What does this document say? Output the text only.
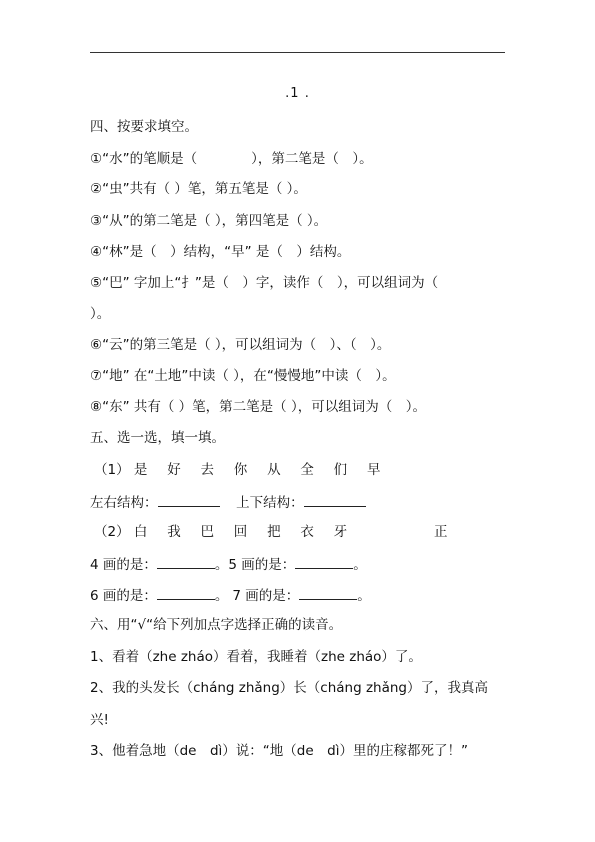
.1 .
四、按要求填空。
①“水”的笔顺是（　　　　），第二笔是（　）。
②“虫”共有（ ）笔，第五笔是（ ）。
③“从”的第二笔是（ ），第四笔是（ ）。
④“林”是（　）结构，“早” 是（　）结构。
⑤“巴” 字加上“扌”是（　）字，读作（　），可以组词为（
）。
⑥“云”的第三笔是（ ），可以组词为（　）、（　）。
⑦“地” 在“土地”中读（ ），在“慢慢地”中读（　）。
⑧“东” 共有（ ）笔，第二笔是（ ），可以组词为（　）。
五、选一选，填一填。
（1） 是 好 去 你 从 全 们 早
左右结构：	上下结构：
（2） 白 我 巴 回 把 衣 牙	正
4 画的是：	。5 画的是：	。
6 画的是：	。 7 画的是：	。
六、用“√“给下列加点字选择正确的读音。
1、看着（zhe zháo）看着，我睡着（zhe zháo）了。
2、我的头发长（cháng zhǎng）长（cháng zhǎng）了，我真高
兴!
3、他着急地（de　dì）说：“地（de　dì）里的庄稼都死了！”
